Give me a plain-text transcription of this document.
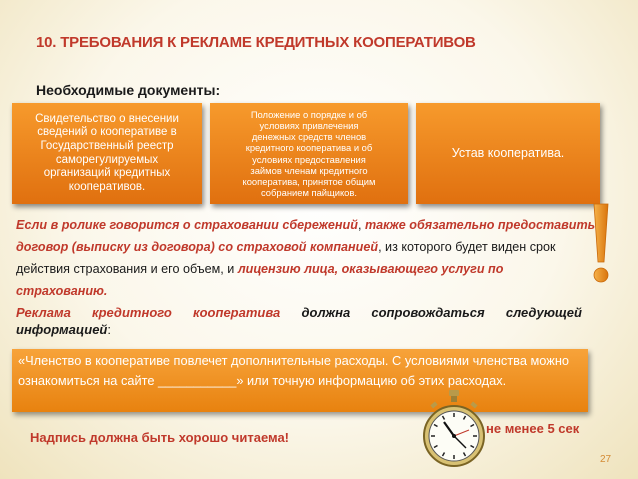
10. ТРЕБОВАНИЯ К РЕКЛАМЕ КРЕДИТНЫХ КООПЕРАТИВОВ
Необходимые документы:
Свидетельство о внесении
сведений о кооперативе в
Государственный реестр
саморегулируемых
организаций кредитных
кооперативов.
Положение о порядке и об
условиях привлечения
денежных средств членов
кредитного кооператива и об
условиях предоставления
займов членам кредитного
кооператива, принятое общим
собранием пайщиков.
Устав кооператива.
Если в ролике говорится о страховании сбережений, также обязательно предоставить договор (выписку из договора) со страховой компанией, из которого будет виден срок действия страхования и его объем, и лицензию лица, оказывающего услуги по страхованию.
Реклама кредитного кооператива должна сопровождаться следующей
информацией:
«Членство в кооперативе повлечет дополнительные расходы. С условиями членства можно ознакомиться на сайте ___________» или точную информацию об этих расходах.
Надпись должна быть хорошо читаема!
не менее 5 сек
27
